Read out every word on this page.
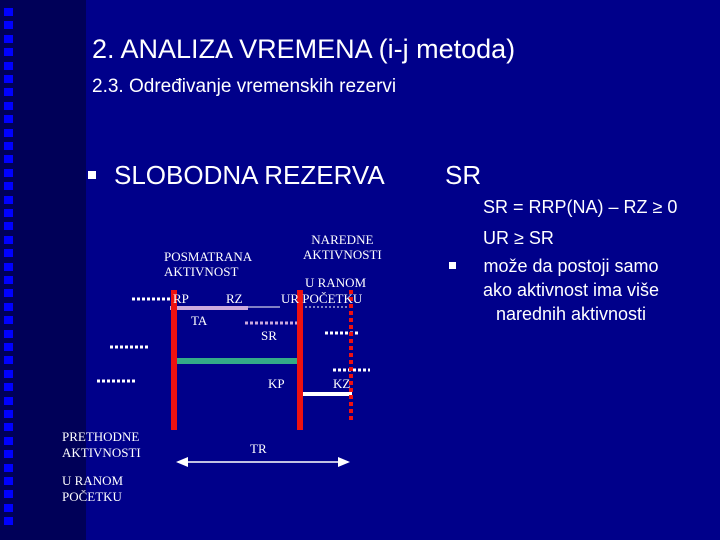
2. ANALIZA VREMENA (i-j metoda)
2.3. Određivanje vremenskih rezervi
SLOBODNA REZERVA SR
SR = RRP(NA) – RZ ≥ 0
UR ≥ SR
može da postoji samo
ako aktivnost ima više
narednih aktivnosti
POSMATRANA
AKTIVNOST
NAREDNE
AKTIVNOSTI
U RANOM
UR POČETKU
RP	RZ
TA
SR
KP	KZ
TR
PRETHODNE
AKTIVNOSTI
U RANOM
POČETKU
